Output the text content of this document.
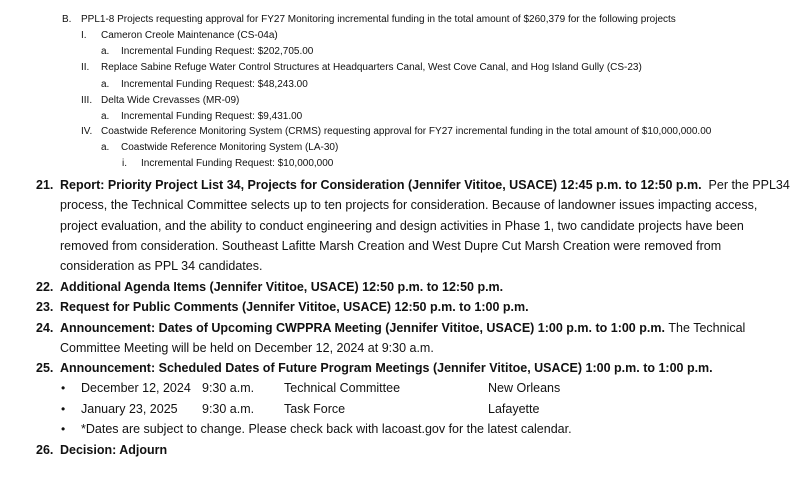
B. PPL1-8 Projects requesting approval for FY27 Monitoring incremental funding in the total amount of $260,379 for the following projects
I. Cameron Creole Maintenance (CS-04a)
a. Incremental Funding Request: $202,705.00
II. Replace Sabine Refuge Water Control Structures at Headquarters Canal, West Cove Canal, and Hog Island Gully (CS-23)
a. Incremental Funding Request: $48,243.00
III. Delta Wide Crevasses (MR-09)
a. Incremental Funding Request: $9,431.00
IV. Coastwide Reference Monitoring System (CRMS) requesting approval for FY27 incremental funding in the total amount of $10,000,000.00
a. Coastwide Reference Monitoring System (LA-30)
i. Incremental Funding Request: $10,000,000
21. Report: Priority Project List 34, Projects for Consideration (Jennifer Vititoe, USACE) 12:45 p.m. to 12:50 p.m. Per the PPL34
process, the Technical Committee selects up to ten projects for consideration. Because of landowner issues impacting access,
project evaluation, and the ability to conduct engineering and design activities in Phase 1, two candidate projects have been
removed from consideration. Southeast Lafitte Marsh Creation and West Dupre Cut Marsh Creation were removed from
consideration as PPL 34 candidates.
22. Additional Agenda Items (Jennifer Vititoe, USACE) 12:50 p.m. to 12:50 p.m.
23. Request for Public Comments (Jennifer Vititoe, USACE) 12:50 p.m. to 1:00 p.m.
24. Announcement: Dates of Upcoming CWPPRA Meeting (Jennifer Vititoe, USACE) 1:00 p.m. to 1:00 p.m. The Technical
Committee Meeting will be held on December 12, 2024 at 9:30 a.m.
25. Announcement: Scheduled Dates of Future Program Meetings (Jennifer Vititoe, USACE) 1:00 p.m. to 1:00 p.m.
• December 12, 2024 9:30 a.m. Technical Committee	New Orleans
• January 23, 2025 9:30 a.m. Task Force	Lafayette
• *Dates are subject to change. Please check back with lacoast.gov for the latest calendar.
26. Decision: Adjourn
